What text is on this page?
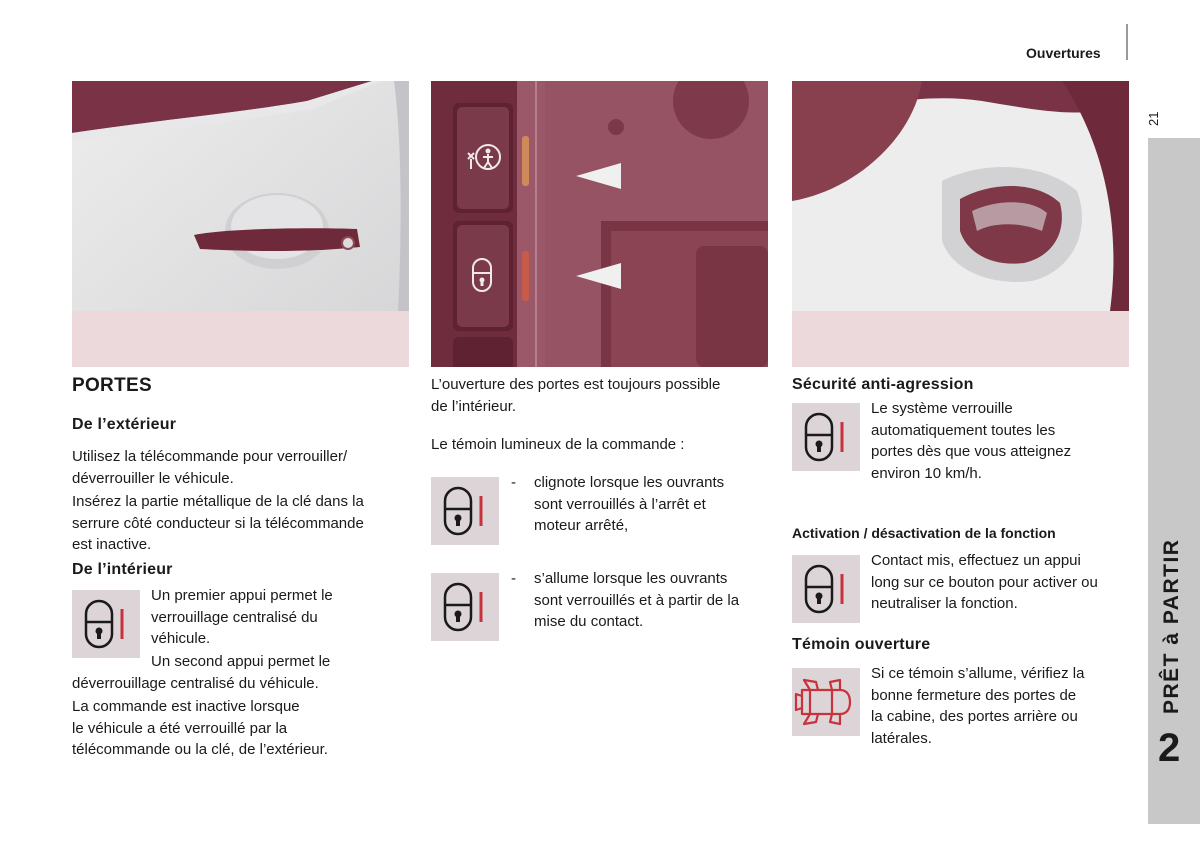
Ouvertures
21
PRÊT à PARTIR
2
PORTES
De l’extérieur
Utilisez la télécommande pour verrouiller/
déverrouiller le véhicule.
Insérez la partie métallique de la clé dans la
serrure côté conducteur si la télécommande
est inactive.
De l’intérieur
Un premier appui permet le
verrouillage centralisé du
véhicule.
Un second appui permet le
déverrouillage centralisé du véhicule.
La commande est inactive lorsque
le véhicule a été verrouillé par la
télécommande ou la clé, de l’extérieur.
L’ouverture des portes est toujours possible
de l’intérieur.
Le témoin lumineux de la commande :
- clignote lorsque les ouvrants
sont verrouillés à l’arrêt et
moteur arrêté,
- s’allume lorsque les ouvrants
sont verrouillés et à partir de la
mise du contact.
Sécurité anti-agression
Le système verrouille
automatiquement toutes les
portes dès que vous atteignez
environ 10 km/h.
Activation / désactivation de la fonction
Contact mis, effectuez un appui
long sur ce bouton pour activer ou
neutraliser la fonction.
Témoin ouverture
Si ce témoin s’allume, vérifiez la
bonne fermeture des portes de
la cabine, des portes arrière ou
latérales.
